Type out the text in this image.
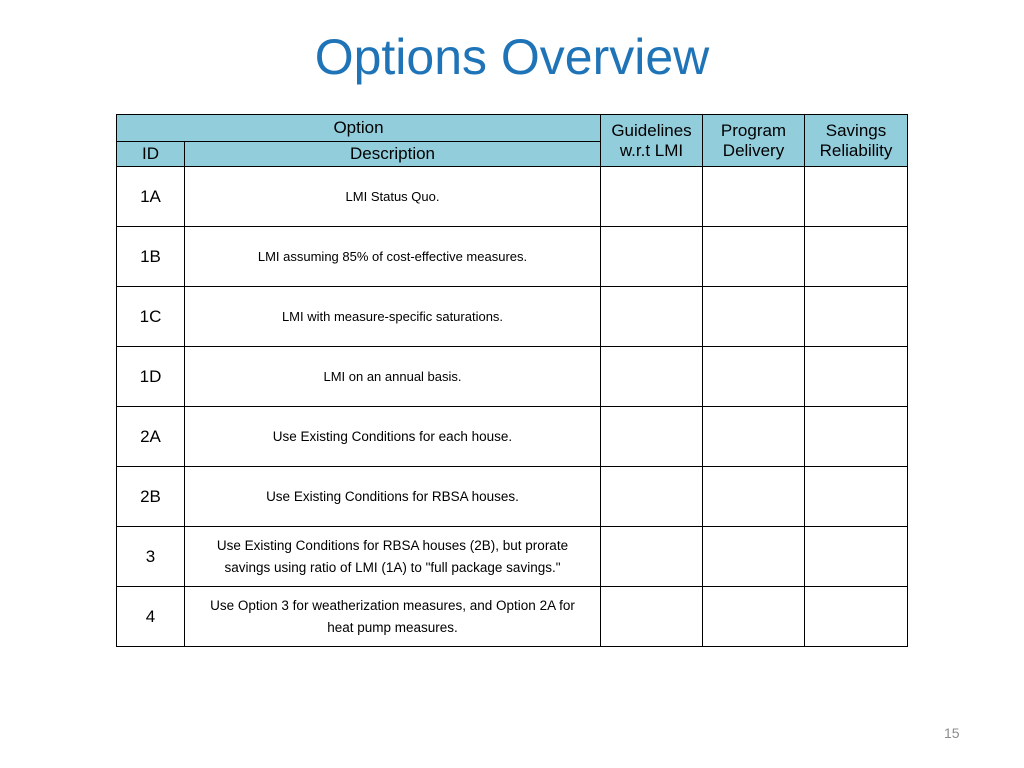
Options Overview
Option		Guidelines w.r.t LMI	Program Delivery	Savings Reliability
ID	Description			
1A	LMI Status Quo.			
1B	LMI assuming 85% of cost-effective measures.			
1C	LMI with measure-specific saturations.			
1D	LMI on an annual basis.			
2A	Use Existing Conditions for each house.			
2B	Use Existing Conditions for RBSA houses.			
3	Use Existing Conditions for RBSA houses (2B), but prorate
savings using ratio of LMI (1A) to "full package savings."			

4	Use Option 3 for weatherization measures, and Option 2A for
heat pump measures.			

15
